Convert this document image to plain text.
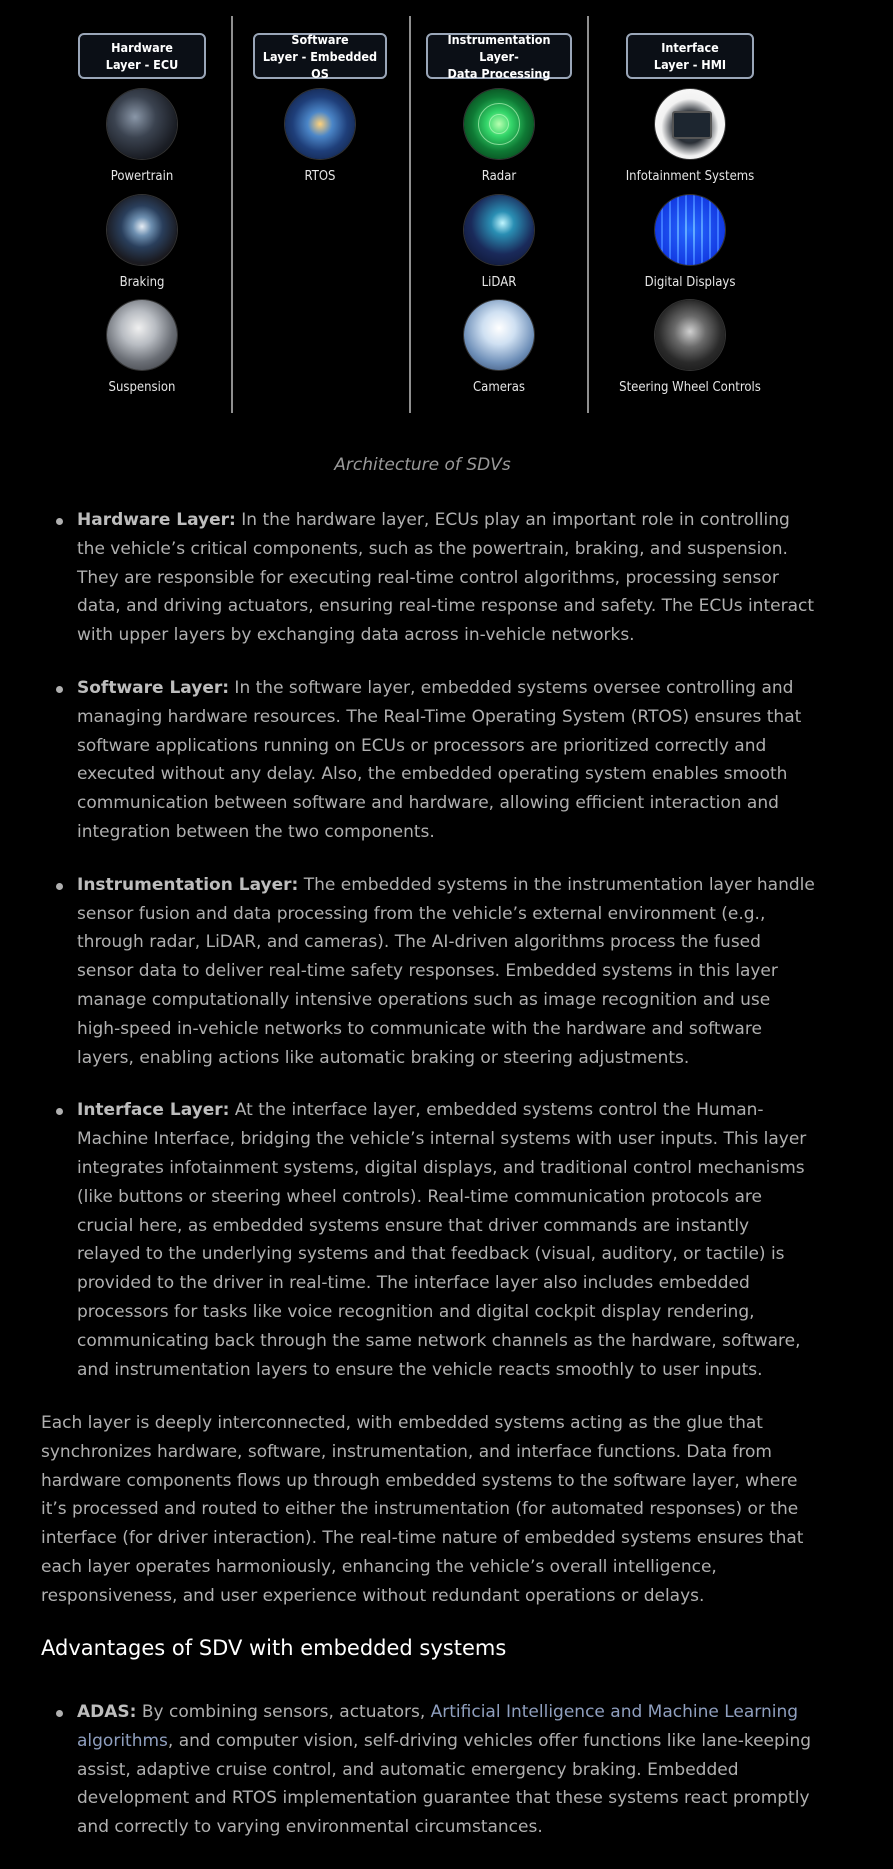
Hardware
Layer - ECU
Powertrain
Braking
Suspension
Software
Layer - Embedded OS
RTOS
Instrumentation Layer-
Data Processing
Radar
LiDAR
Cameras
Interface
Layer - HMI
Infotainment Systems
Digital Displays
Steering Wheel Controls
Architecture of SDVs
Hardware Layer: In the hardware layer, ECUs play an important role in controlling the vehicle’s critical components, such as the powertrain, braking, and suspension. They are responsible for executing real-time control algorithms, processing sensor data, and driving actuators, ensuring real-time response and safety. The ECUs interact with upper layers by exchanging data across in-vehicle networks.
Software Layer: In the software layer, embedded systems oversee controlling and managing hardware resources. The Real-Time Operating System (RTOS) ensures that software applications running on ECUs or processors are prioritized correctly and executed without any delay. Also, the embedded operating system enables smooth communication between software and hardware, allowing efficient interaction and integration between the two components.
Instrumentation Layer: The embedded systems in the instrumentation layer handle sensor fusion and data processing from the vehicle’s external environment (e.g., through radar, LiDAR, and cameras). The AI-driven algorithms process the fused sensor data to deliver real-time safety responses. Embedded systems in this layer manage computationally intensive operations such as image recognition and use high-speed in-vehicle networks to communicate with the hardware and software layers, enabling actions like automatic braking or steering adjustments.
Interface Layer: At the interface layer, embedded systems control the Human-Machine Interface, bridging the vehicle’s internal systems with user inputs. This layer integrates infotainment systems, digital displays, and traditional control mechanisms (like buttons or steering wheel controls). Real-time communication protocols are crucial here, as embedded systems ensure that driver commands are instantly relayed to the underlying systems and that feedback (visual, auditory, or tactile) is provided to the driver in real-time. The interface layer also includes embedded processors for tasks like voice recognition and digital cockpit display rendering, communicating back through the same network channels as the hardware, software, and instrumentation layers to ensure the vehicle reacts smoothly to user inputs.

Each layer is deeply interconnected, with embedded systems acting as the glue that synchronizes hardware, software, instrumentation, and interface functions. Data from hardware components flows up through embedded systems to the software layer, where it’s processed and routed to either the instrumentation (for automated responses) or the interface (for driver interaction). The real-time nature of embedded systems ensures that each layer operates harmoniously, enhancing the vehicle’s overall intelligence, responsiveness, and user experience without redundant operations or delays.

Advantages of SDV with embedded systems
ADAS: By combining sensors, actuators, Artificial Intelligence and Machine Learning algorithms, and computer vision, self-driving vehicles offer functions like lane-keeping assist, adaptive cruise control, and automatic emergency braking. Embedded development and RTOS implementation guarantee that these systems react promptly and correctly to varying environmental circumstances.
